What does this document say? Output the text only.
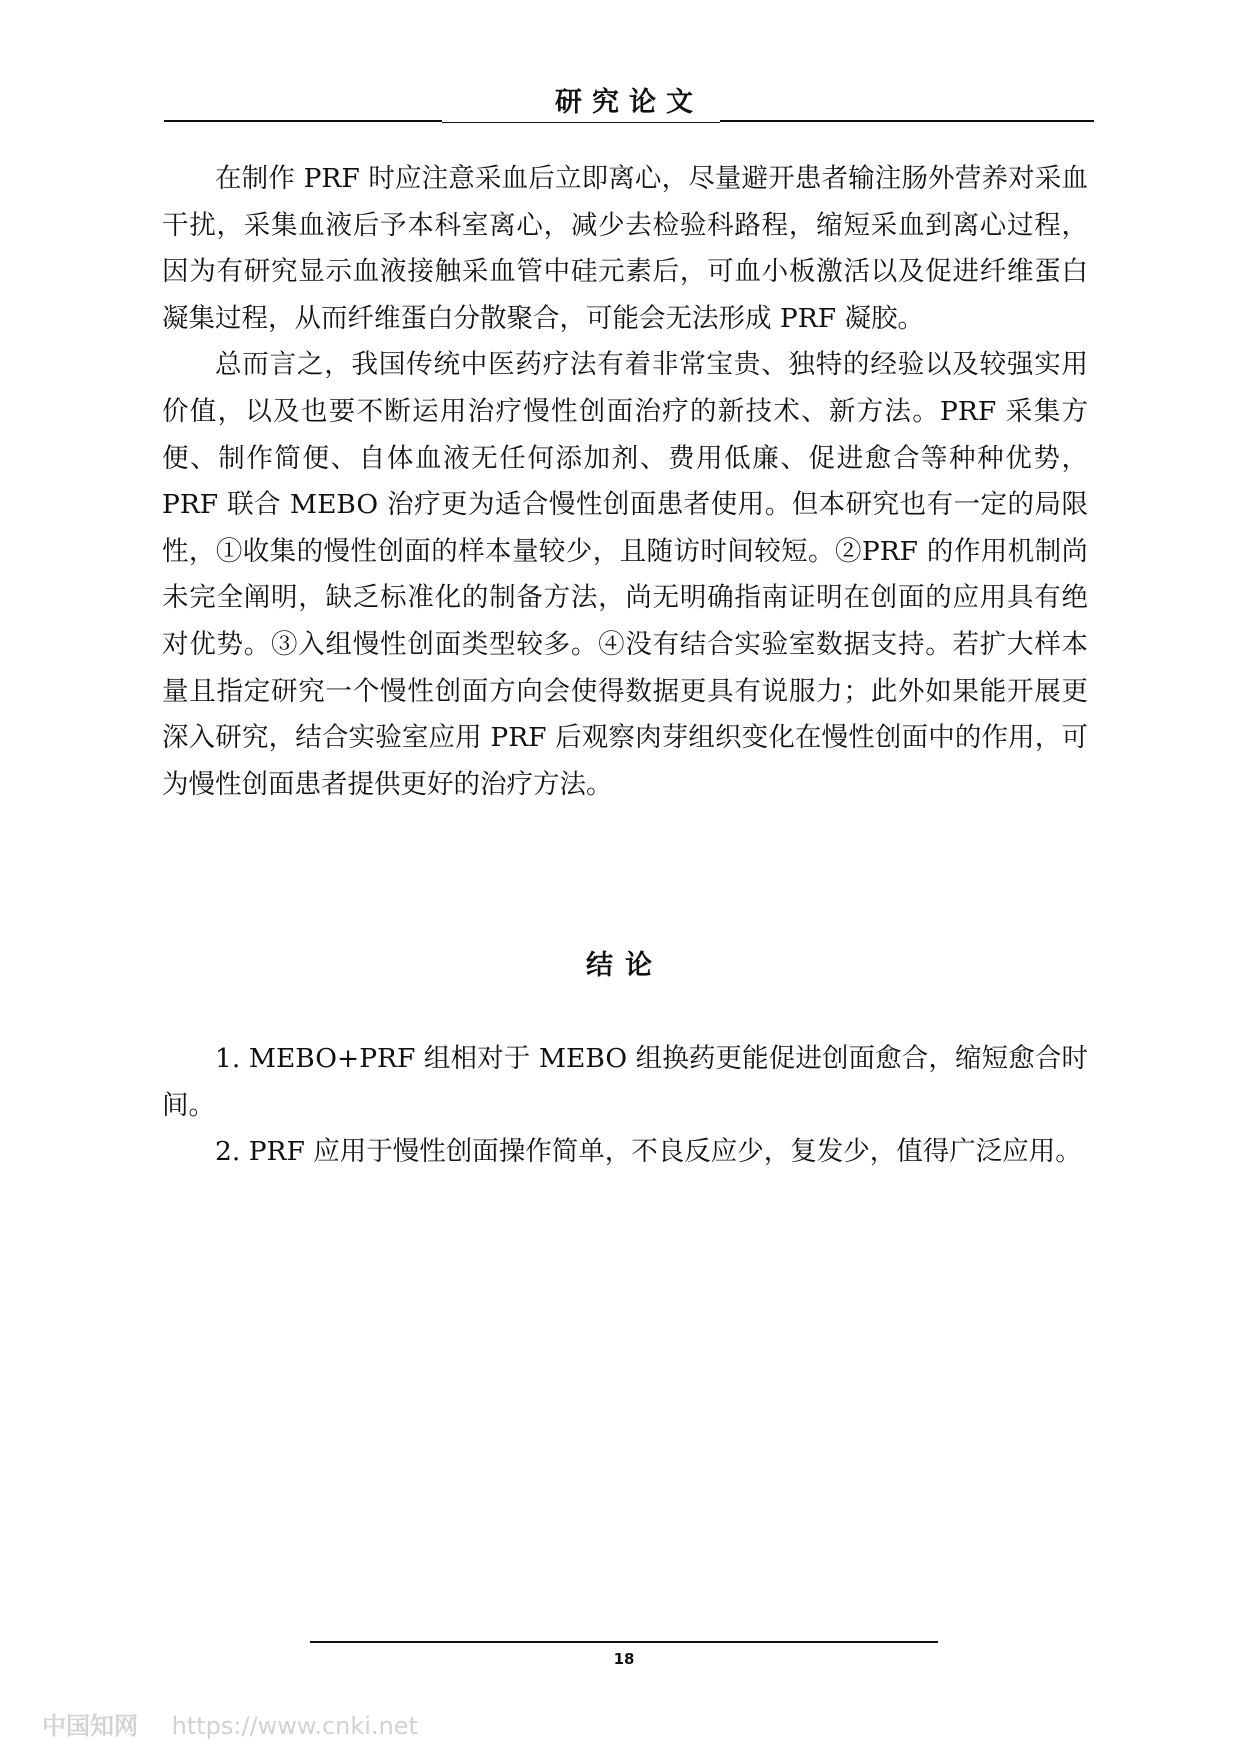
研究论文

在制作 PRF 时应注意采血后立即离心，尽量避开患者输注肠外营养对采血干扰，采集血液后予本科室离心，减少去检验科路程，缩短采血到离心过程，因为有研究显示血液接触采血管中硅元素后，可血小板激活以及促进纤维蛋白凝集过程，从而纤维蛋白分散聚合，可能会无法形成 PRF 凝胶。

总而言之，我国传统中医药疗法有着非常宝贵、独特的经验以及较强实用价值，以及也要不断运用治疗慢性创面治疗的新技术、新方法。PRF 采集方便、制作简便、自体血液无任何添加剂、费用低廉、促进愈合等种种优势，PRF 联合 MEBO 治疗更为适合慢性创面患者使用。但本研究也有一定的局限性，①收集的慢性创面的样本量较少，且随访时间较短。②PRF 的作用机制尚未完全阐明，缺乏标准化的制备方法，尚无明确指南证明在创面的应用具有绝对优势。③入组慢性创面类型较多。④没有结合实验室数据支持。若扩大样本量且指定研究一个慢性创面方向会使得数据更具有说服力；此外如果能开展更深入研究，结合实验室应用 PRF 后观察肉芽组织变化在慢性创面中的作用，可为慢性创面患者提供更好的治疗方法。

结论

1. MEBO+PRF 组相对于 MEBO 组换药更能促进创面愈合，缩短愈合时间。

2. PRF 应用于慢性创面操作简单，不良反应少，复发少，值得广泛应用。

18
中国知网 https://www.cnki.net
